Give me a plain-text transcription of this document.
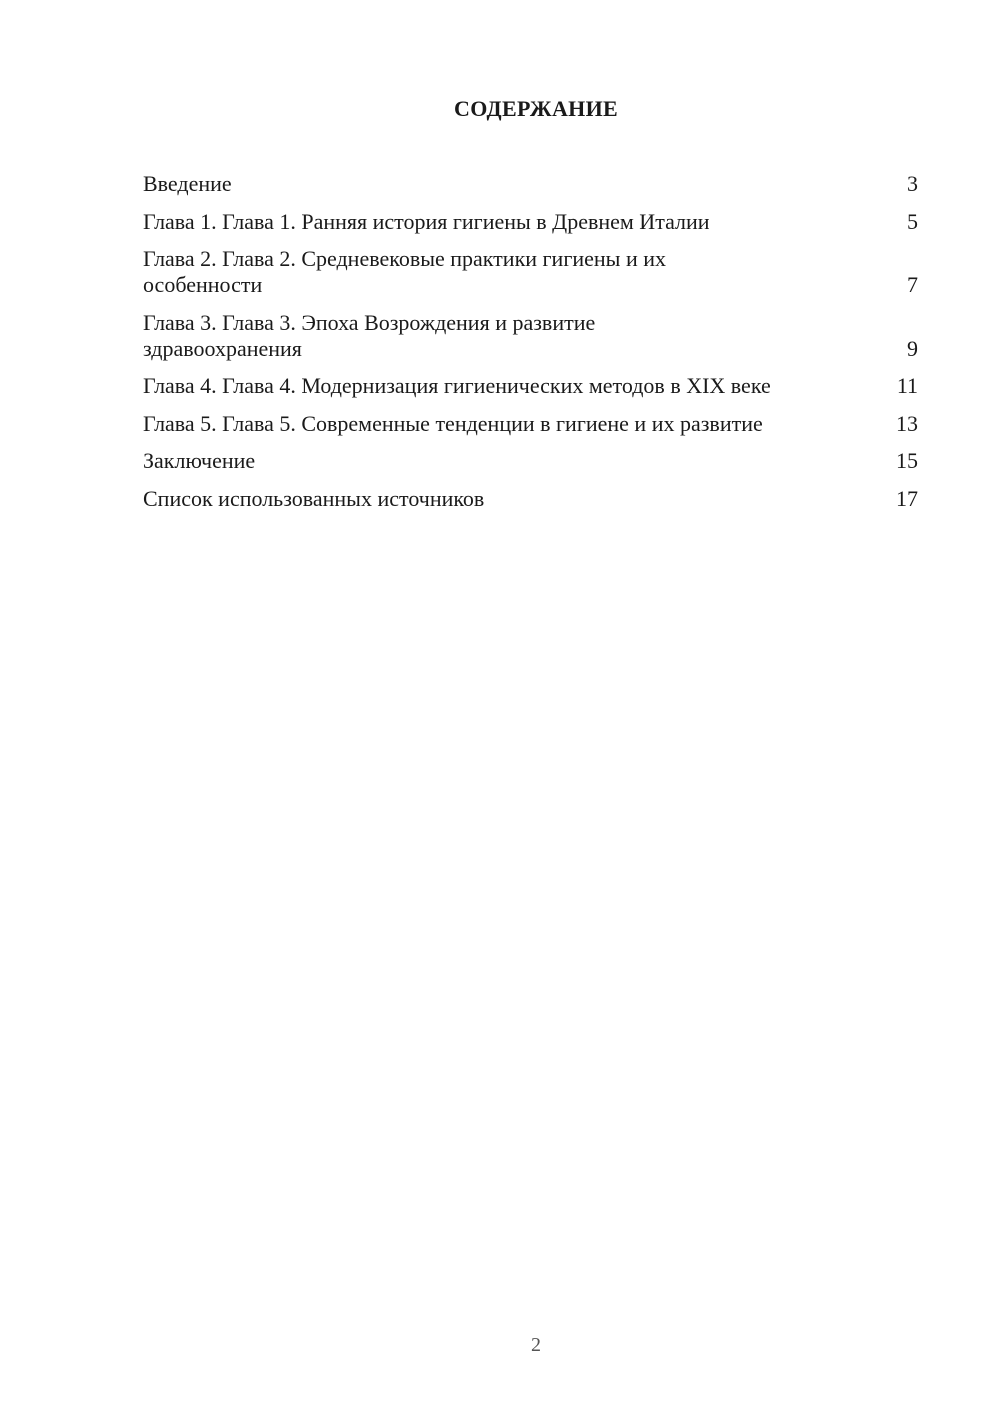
СОДЕРЖАНИЕ
Введение	3
Глава 1. Глава 1. Ранняя история гигиены в Древнем Италии	5
Глава 2. Глава 2. Средневековые практики гигиены и их особенности	7
Глава 3. Глава 3. Эпоха Возрождения и развитие здравоохранения	9
Глава 4. Глава 4. Модернизация гигиенических методов в XIX веке	11
Глава 5. Глава 5. Современные тенденции в гигиене и их развитие	13
Заключение	15
Список использованных источников	17
2
